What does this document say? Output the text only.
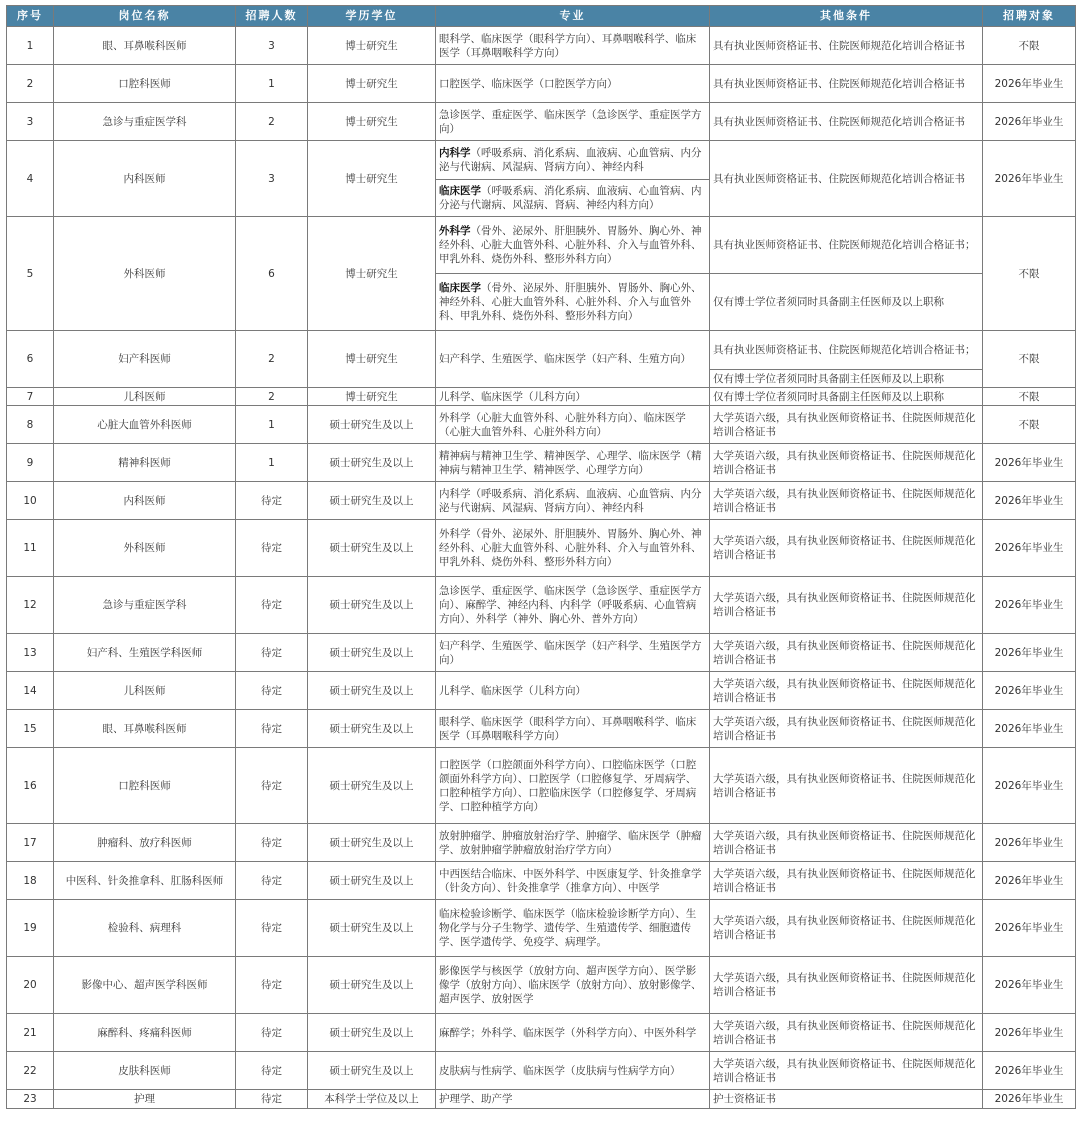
序号	岗位名称	招聘人数	学历学位	专业	其他条件	招聘对象
1	眼、耳鼻喉科医师	3	博士研究生	眼科学、临床医学（眼科学方向）、耳鼻咽喉科学、临床医学（耳鼻咽喉科学方向）	具有执业医师资格证书、住院医师规范化培训合格证书	不限
2	口腔科医师	1	博士研究生	口腔医学、临床医学（口腔医学方向）	具有执业医师资格证书、住院医师规范化培训合格证书	2026年毕业生
3	急诊与重症医学科	2	博士研究生	急诊医学、重症医学、临床医学（急诊医学、重症医学方向）	具有执业医师资格证书、住院医师规范化培训合格证书	2026年毕业生
4	内科医师	3	博士研究生	内科学（呼吸系病、消化系病、血液病、心血管病、内分泌与代谢病、风湿病、肾病方向）、神经内科	具有执业医师资格证书、住院医师规范化培训合格证书	2026年毕业生
				临床医学（呼吸系病、消化系病、血液病、心血管病、内分泌与代谢病、风湿病、肾病、神经内科方向）		
5	外科医师	6	博士研究生	外科学（骨外、泌尿外、肝胆胰外、胃肠外、胸心外、神经外科、心脏大血管外科、心脏外科、介入与血管外科、甲乳外科、烧伤外科、整形外科方向）	具有执业医师资格证书、住院医师规范化培训合格证书；	不限
				临床医学（骨外、泌尿外、肝胆胰外、胃肠外、胸心外、神经外科、心脏大血管外科、心脏外科、介入与血管外科、甲乳外科、烧伤外科、整形外科方向）	仅有博士学位者须同时具备副主任医师及以上职称	
6	妇产科医师	2	博士研究生	妇产科学、生殖医学、临床医学（妇产科、生殖方向）	具有执业医师资格证书、住院医师规范化培训合格证书；	不限
					仅有博士学位者须同时具备副主任医师及以上职称	
7	儿科医师	2	博士研究生	儿科学、临床医学（儿科方向）	仅有博士学位者须同时具备副主任医师及以上职称	不限
8	心脏大血管外科医师	1	硕士研究生及以上	外科学（心脏大血管外科、心脏外科方向）、临床医学（心脏大血管外科、心脏外科方向）	大学英语六级，具有执业医师资格证书、住院医师规范化培训合格证书	不限
9	精神科医师	1	硕士研究生及以上	精神病与精神卫生学、精神医学、心理学、临床医学（精神病与精神卫生学、精神医学、心理学方向）	大学英语六级，具有执业医师资格证书、住院医师规范化培训合格证书	2026年毕业生
10	内科医师	待定	硕士研究生及以上	内科学（呼吸系病、消化系病、血液病、心血管病、内分泌与代谢病、风湿病、肾病方向）、神经内科	大学英语六级，具有执业医师资格证书、住院医师规范化培训合格证书	2026年毕业生
11	外科医师	待定	硕士研究生及以上	外科学（骨外、泌尿外、肝胆胰外、胃肠外、胸心外、神经外科、心脏大血管外科、心脏外科、介入与血管外科、甲乳外科、烧伤外科、整形外科方向）	大学英语六级，具有执业医师资格证书、住院医师规范化培训合格证书	2026年毕业生
12	急诊与重症医学科	待定	硕士研究生及以上	急诊医学、重症医学、临床医学（急诊医学、重症医学方向）、麻醉学、神经内科、内科学（呼吸系病、心血管病方向）、外科学（神外、胸心外、普外方向）	大学英语六级，具有执业医师资格证书、住院医师规范化培训合格证书	2026年毕业生
13	妇产科、生殖医学科医师	待定	硕士研究生及以上	妇产科学、生殖医学、临床医学（妇产科学、生殖医学方向）	大学英语六级，具有执业医师资格证书、住院医师规范化培训合格证书	2026年毕业生
14	儿科医师	待定	硕士研究生及以上	儿科学、临床医学（儿科方向）	大学英语六级，具有执业医师资格证书、住院医师规范化培训合格证书	2026年毕业生
15	眼、耳鼻喉科医师	待定	硕士研究生及以上	眼科学、临床医学（眼科学方向）、耳鼻咽喉科学、临床医学（耳鼻咽喉科学方向）	大学英语六级，具有执业医师资格证书、住院医师规范化培训合格证书	2026年毕业生
16	口腔科医师	待定	硕士研究生及以上	口腔医学（口腔颌面外科学方向）、口腔临床医学（口腔颌面外科学方向）、口腔医学（口腔修复学、牙周病学、口腔种植学方向）、口腔临床医学（口腔修复学、牙周病学、口腔种植学方向）	大学英语六级，具有执业医师资格证书、住院医师规范化培训合格证书	2026年毕业生
17	肿瘤科、放疗科医师	待定	硕士研究生及以上	放射肿瘤学、肿瘤放射治疗学、肿瘤学、临床医学（肿瘤学、放射肿瘤学肿瘤放射治疗学方向）	大学英语六级，具有执业医师资格证书、住院医师规范化培训合格证书	2026年毕业生
18	中医科、针灸推拿科、肛肠科医师	待定	硕士研究生及以上	中西医结合临床、中医外科学、中医康复学、针灸推拿学（针灸方向）、针灸推拿学（推拿方向）、中医学	大学英语六级，具有执业医师资格证书、住院医师规范化培训合格证书	2026年毕业生
19	检验科、病理科	待定	硕士研究生及以上	临床检验诊断学、临床医学（临床检验诊断学方向）、生物化学与分子生物学、遗传学、生殖遗传学、细胞遗传学、医学遗传学、免疫学、病理学。	大学英语六级，具有执业医师资格证书、住院医师规范化培训合格证书	2026年毕业生
20	影像中心、超声医学科医师	待定	硕士研究生及以上	影像医学与核医学（放射方向、超声医学方向）、医学影像学（放射方向）、临床医学（放射方向）、放射影像学、超声医学、放射医学	大学英语六级，具有执业医师资格证书、住院医师规范化培训合格证书	2026年毕业生
21	麻醉科、疼痛科医师	待定	硕士研究生及以上	麻醉学；外科学、临床医学（外科学方向）、中医外科学	大学英语六级，具有执业医师资格证书、住院医师规范化培训合格证书	2026年毕业生
22	皮肤科医师	待定	硕士研究生及以上	皮肤病与性病学、临床医学（皮肤病与性病学方向）	大学英语六级，具有执业医师资格证书、住院医师规范化培训合格证书	2026年毕业生
23	护理	待定	本科学士学位及以上	护理学、助产学	护士资格证书	2026年毕业生
